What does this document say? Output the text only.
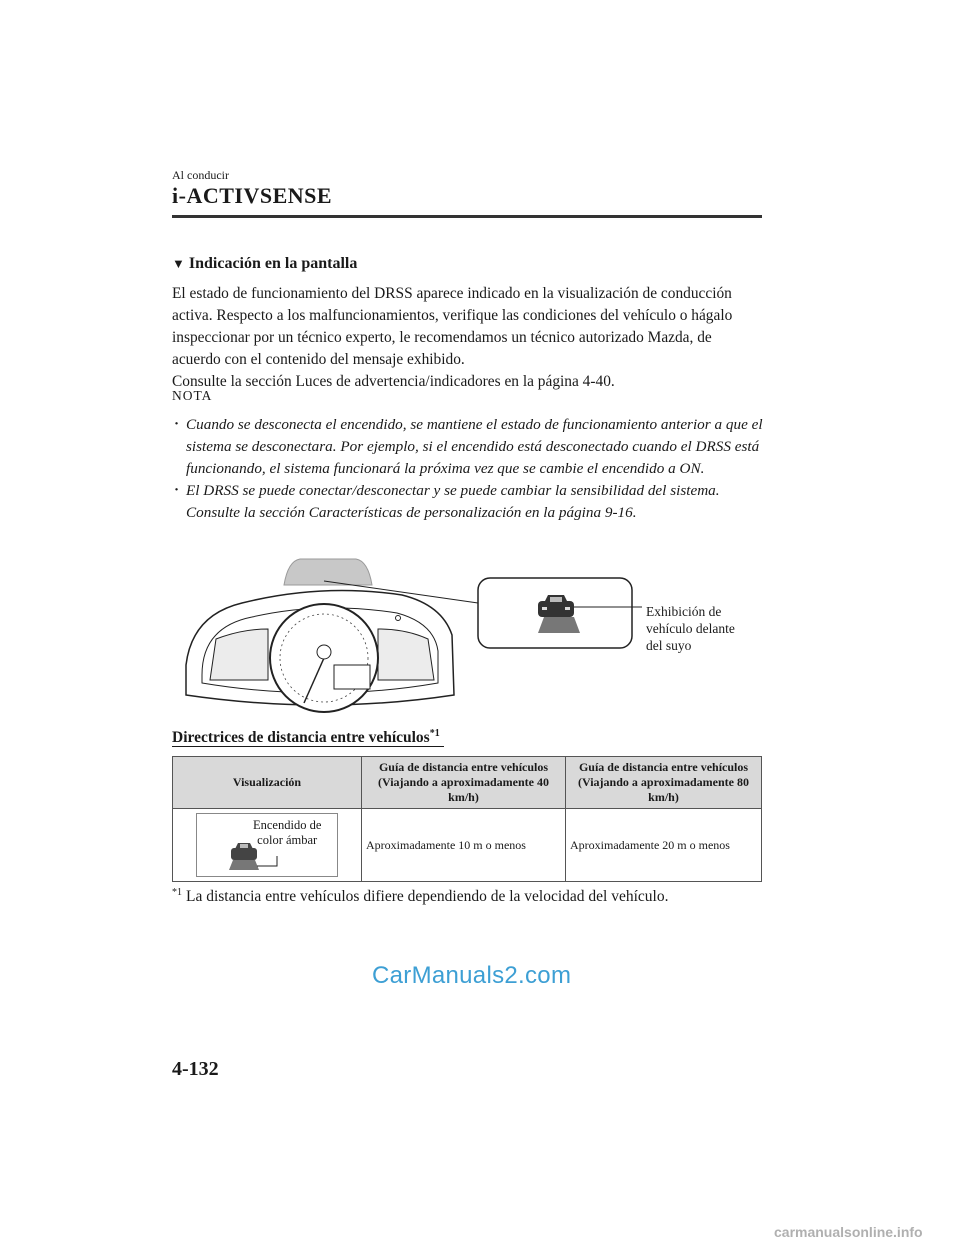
Al conducir
i-ACTIVSENSE
▼ Indicación en la pantalla

El estado de funcionamiento del DRSS aparece indicado en la visualización de conducción

activa. Respecto a los malfuncionamientos, verifique las condiciones del vehículo o hágalo

inspeccionar por un técnico experto, le recomendamos un técnico autorizado Mazda, de

acuerdo con el contenido del mensaje exhibido.

Consulte la sección Luces de advertencia/indicadores en la página 4-40.

NOTA
· Cuando se desconecta el encendido, se mantiene el estado de funcionamiento anterior a que el sistema se desconectara. Por ejemplo, si el encendido está desconectado cuando el DRSS está funcionando, el sistema funcionará la próxima vez que se cambie el encendido a ON.
· El DRSS se puede conectar/desconectar y se puede cambiar la sensibilidad del sistema. Consulte la sección Características de personalización en la página 9-16.
Exhibición de
vehículo delante
del suyo
Directrices de distancia entre vehículos$^{*1}$
Visualización	Guía de distancia entre vehículos (Viajando a aproximadamente 40 km/h)	Guía de distancia entre vehículos (Viajando a aproximadamente 80 km/h)

Encendido de
color ámbar	Aproximadamente 10 m o menos	Aproximadamente 20 m o menos
$^{*1}$ La distancia entre vehículos difiere dependiendo de la velocidad del vehículo.
CarManuals2.com
4-132
carmanualsonline.info
